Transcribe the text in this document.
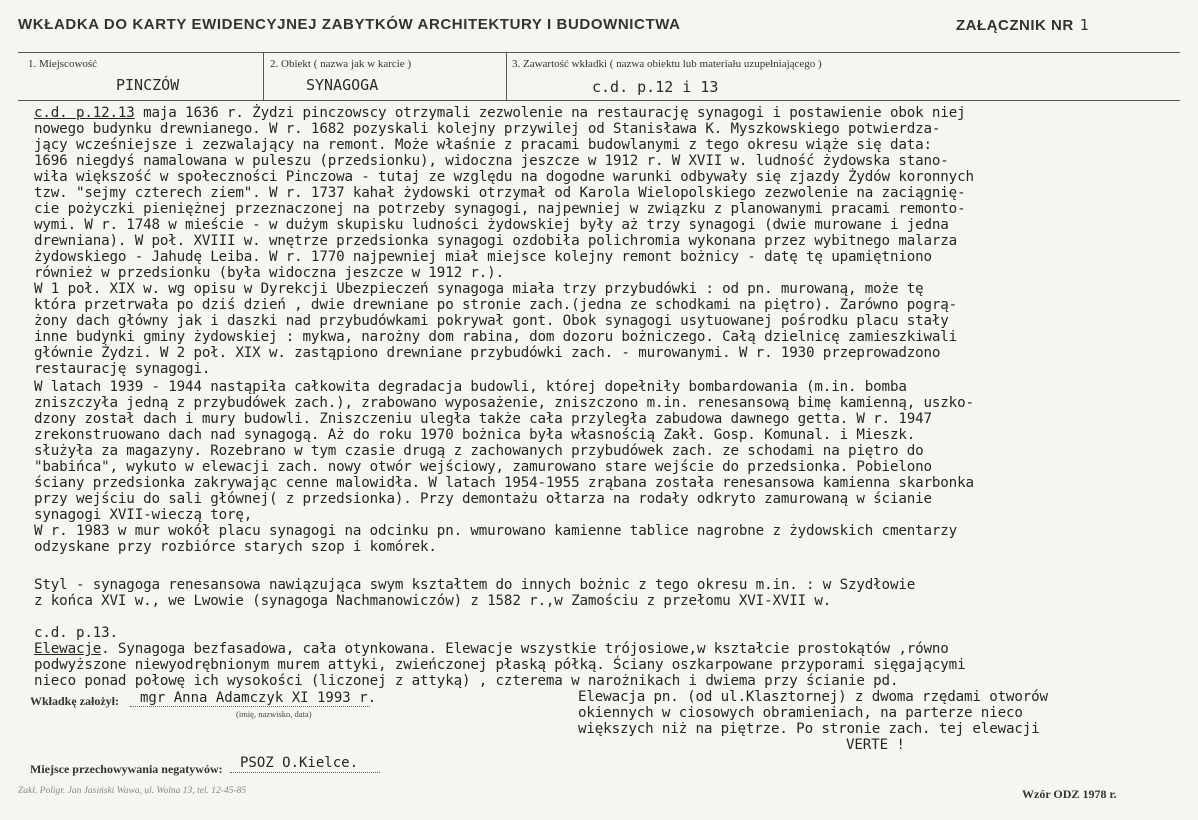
WKŁADKA DO KARTY EWIDENCYJNEJ ZABYTKÓW ARCHITEKTURY I BUDOWNICTWA	ZAŁĄCZNIK NR 1
1. Miejscowość
PINCZÓW
2. Obiekt ( nazwa jak w karcie )
SYNAGOGA
3. Zawartość wkładki ( nazwa obiektu lub materiału uzupełniającego )
c.d. p.12 i 13
c.d. p.12.13 maja 1636 r. Żydzi pinczowscy otrzymali zezwolenie na restaurację synagogi i postawienie obok niej
nowego budynku drewnianego. W r. 1682 pozyskali kolejny przywilej od Stanisława K. Myszkowskiego potwierdza-
jący wcześniejsze i zezwalający na remont. Może właśnie z pracami budowlanymi z tego okresu wiąże się data:
1696 niegdyś namalowana w puleszu (przedsionku), widoczna jeszcze w 1912 r. W XVII w. ludność żydowska stano-
wiła większość w społeczności Pinczowa - tutaj ze względu na dogodne warunki odbywały się zjazdy Żydów koronnych
tzw. "sejmy czterech ziem". W r. 1737 kahał żydowski otrzymał od Karola Wielopolskiego zezwolenie na zaciągnię-
cie pożyczki pieniężnej przeznaczonej na potrzeby synagogi, najpewniej w związku z planowanymi pracami remonto-
wymi. W r. 1748 w mieście - w dużym skupisku ludności żydowskiej były aż trzy synagogi (dwie murowane i jedna
drewniana). W poł. XVIII w. wnętrze przedsionka synagogi ozdobiła polichromia wykonana przez wybitnego malarza
żydowskiego - Jahudę Leiba. W r. 1770 najpewniej miał miejsce kolejny remont bożnicy - datę tę upamiętniono
również w przedsionku (była widoczna jeszcze w 1912 r.).
W 1 poł. XIX w. wg opisu w Dyrekcji Ubezpieczeń synagoga miała trzy przybudówki : od pn. murowaną, może tę
która przetrwała po dziś dzień , dwie drewniane po stronie zach.(jedna ze schodkami na piętro). Zarówno pogrą-
żony dach główny jak i daszki nad przybudówkami pokrywał gont. Obok synagogi usytuowanej pośrodku placu stały
inne budynki gminy żydowskiej : mykwa, narożny dom rabina, dom dozoru bożniczego. Całą dzielnicę zamieszkiwali
głównie Żydzi. W 2 poł. XIX w. zastąpiono drewniane przybudówki zach. - murowanymi. W r. 1930 przeprowadzono
restaurację synagogi.
W latach 1939 - 1944 nastąpiła całkowita degradacja budowli, której dopełniły bombardowania (m.in. bomba
zniszczyła jedną z przybudówek zach.), zrabowano wyposażenie, zniszczono m.in. renesansową bimę kamienną, uszko-
dzony został dach i mury budowli. Zniszczeniu uległa także cała przyległa zabudowa dawnego getta. W r. 1947
zrekonstruowano dach nad synagogą. Aż do roku 1970 bożnica była własnością Zakł. Gosp. Komunal. i Mieszk.
służyła za magazyny. Rozebrano w tym czasie drugą z zachowanych przybudówek zach. ze schodami na piętro do
"babińca", wykuto w elewacji zach. nowy otwór wejściowy, zamurowano stare wejście do przedsionka. Pobielono
ściany przedsionka zakrywając cenne malowidła. W latach 1954-1955 zrąbana została renesansowa kamienna skarbonka
przy wejściu do sali głównej( z przedsionka). Przy demontażu ołtarza na rodały odkryto zamurowaną w ścianie
synagogi XVII-wieczą torę,
W r. 1983 w mur wokół placu synagogi na odcinku pn. wmurowano kamienne tablice nagrobne z żydowskich cmentarzy
odzyskane przy rozbiórce starych szop i komórek.
Styl - synagoga renesansowa nawiązująca swym kształtem do innych bożnic z tego okresu m.in. : w Szydłowie
z końca XVI w., we Lwowie (synagoga Nachmanowiczów) z 1582 r.,w Zamościu z przełomu XVI-XVII w.
c.d. p.13.
Elewacje. Synagoga bezfasadowa, cała otynkowana. Elewacje wszystkie trójosiowe,w kształcie prostokątów ,równo
podwyższone niewyodrębnionym murem attyki, zwieńczonej płaską półką. Ściany oszkarpowane przyporami sięgającymi
nieco ponad połowę ich wysokości (liczonej z attyką) , czterema w narożnikach i dwiema przy ścianie pd.
Elewacja pn. (od ul.Klasztornej) z dwoma rzędami otworów
okiennych w ciosowych obramieniach, na parterze nieco
większych niż na piętrze. Po stronie zach. tej elewacji
VERTE !
Wkładkę założył: mgr Anna Adamczyk XI 1993 r.
(imię, nazwisko, data)
Miejsce przechowywania negatywów: PSOZ O.Kielce.
Zakł. Poligr. Jan Jasiński Wawa, ul. Wolna 13, tel. 12-45-85	Wzór ODZ 1978 r.
